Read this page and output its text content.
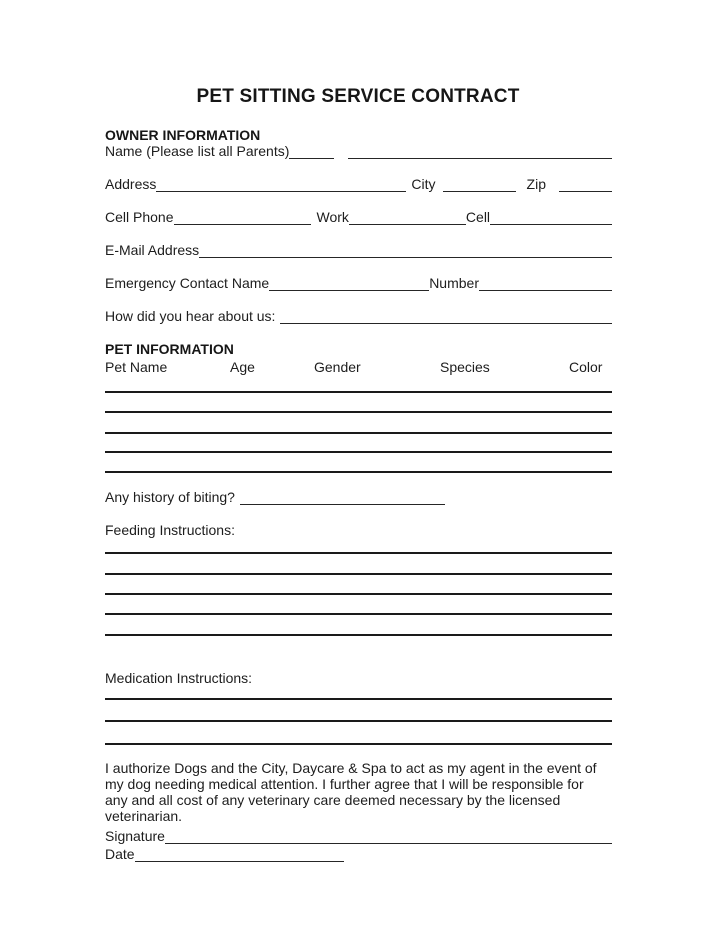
PET SITTING SERVICE CONTRACT
OWNER INFORMATION
Name (Please list all Parents)
Address	City	Zip
Cell Phone	Work	Cell
E-Mail Address
Emergency Contact Name	Number
How did you hear about us:
PET INFORMATION
Pet Name	Age	Gender	Species	Color
Any history of biting?
Feeding Instructions:
Medication Instructions:
I authorize Dogs and the City, Daycare & Spa to act as my agent in the event of
my dog needing medical attention. I further agree that I will be responsible for
any and all cost of any veterinary care deemed necessary by the licensed
veterinarian.
Signature
Date
